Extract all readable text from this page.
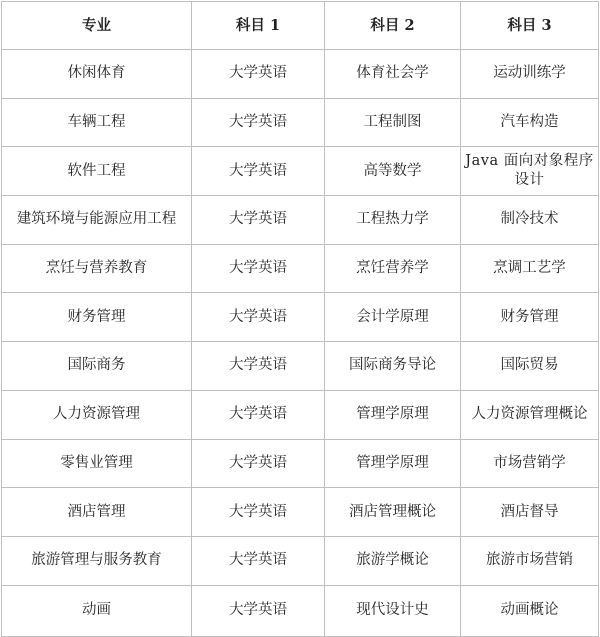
专业	科目 1	科目 2	科目 3
休闲体育	大学英语	体育社会学	运动训练学
车辆工程	大学英语	工程制图	汽车构造
软件工程	大学英语	高等数学	Java 面向对象程序设计
建筑环境与能源应用工程	大学英语	工程热力学	制冷技术
烹饪与营养教育	大学英语	烹饪营养学	烹调工艺学
财务管理	大学英语	会计学原理	财务管理
国际商务	大学英语	国际商务导论	国际贸易
人力资源管理	大学英语	管理学原理	人力资源管理概论
零售业管理	大学英语	管理学原理	市场营销学
酒店管理	大学英语	酒店管理概论	酒店督导
旅游管理与服务教育	大学英语	旅游学概论	旅游市场营销
动画	大学英语	现代设计史	动画概论
